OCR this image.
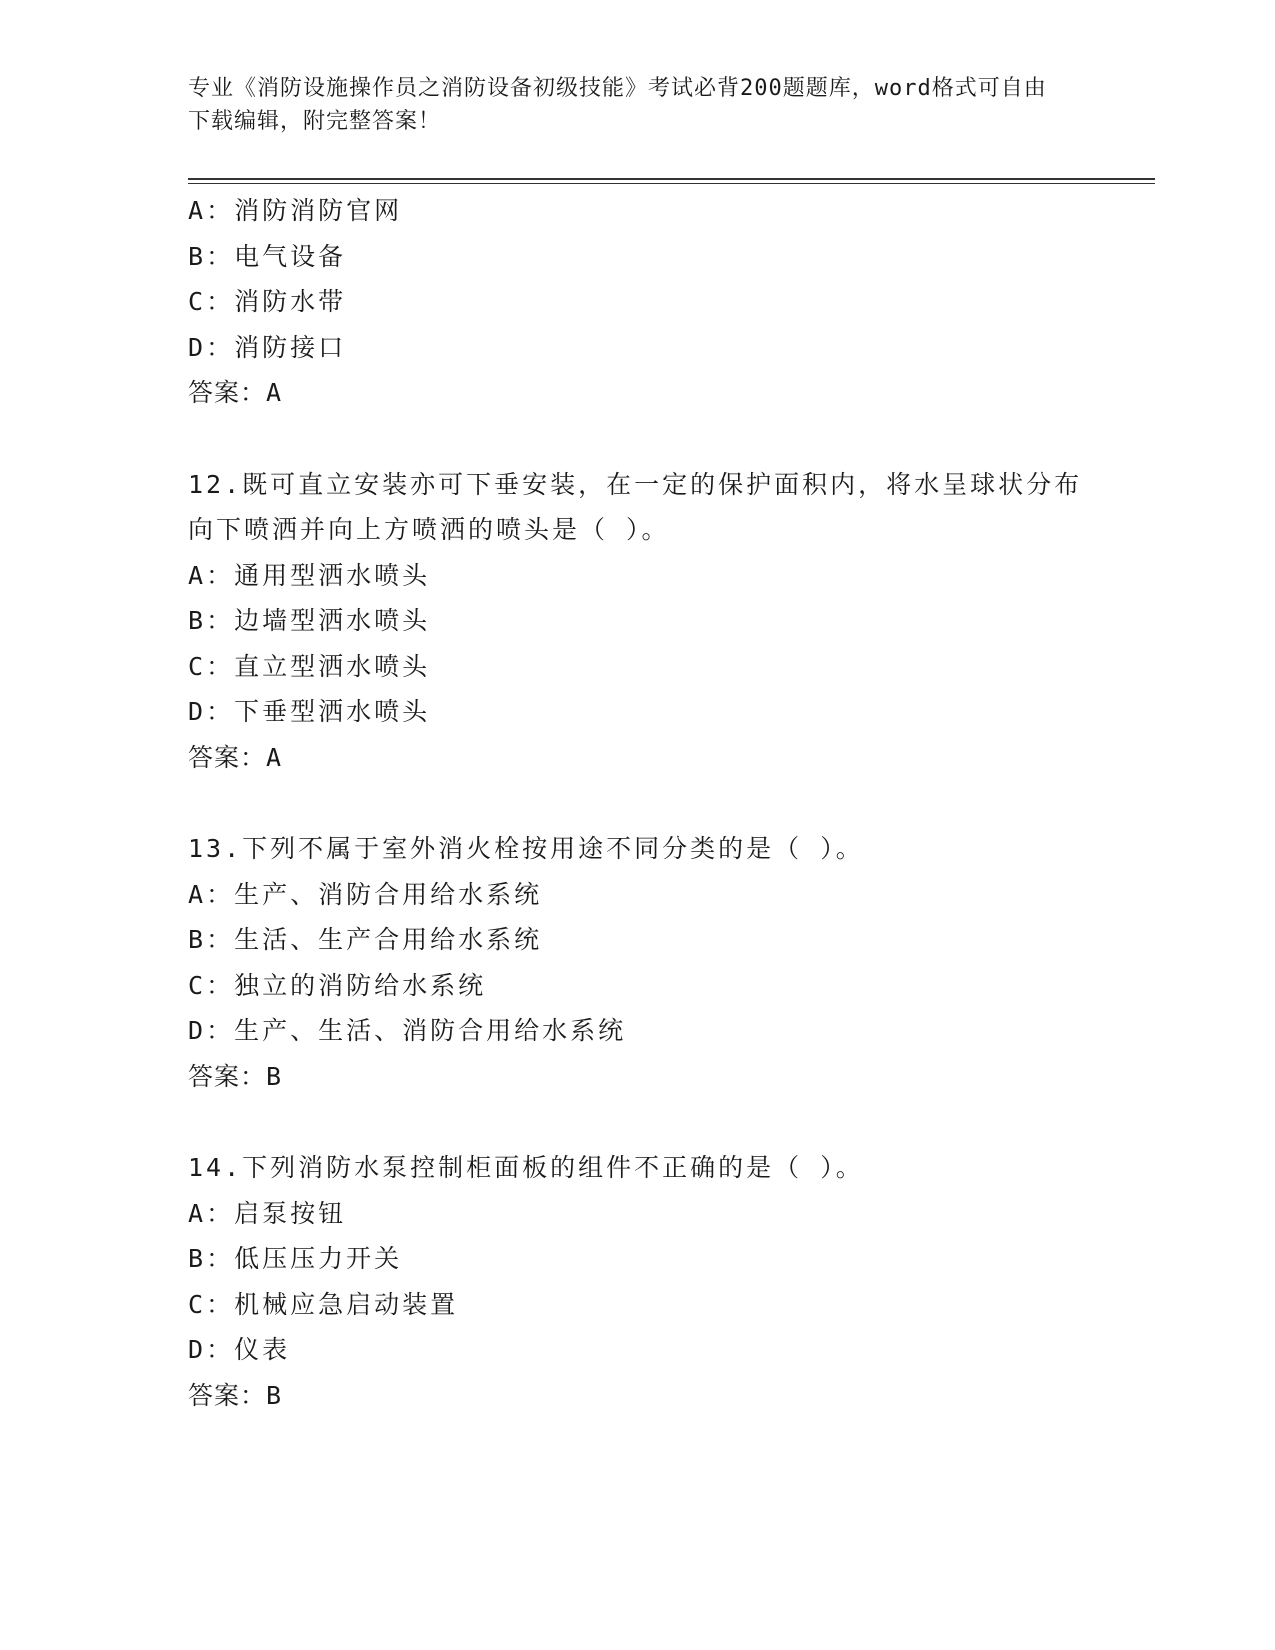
专业《消防设施操作员之消防设备初级技能》考试必背200题题库，word格式可自由下载编辑，附完整答案！

A：消防消防官网
B：电气设备
C：消防水带
D：消防接口
答案：A
12.既可直立安装亦可下垂安装，在一定的保护面积内，将水呈球状分布向下喷洒并向上方喷洒的喷头是（ ）。
A：通用型洒水喷头
B：边墙型洒水喷头
C：直立型洒水喷头
D：下垂型洒水喷头
答案：A
13.下列不属于室外消火栓按用途不同分类的是（ ）。
A：生产、消防合用给水系统
B：生活、生产合用给水系统
C：独立的消防给水系统
D：生产、生活、消防合用给水系统
答案：B
14.下列消防水泵控制柜面板的组件不正确的是（ ）。
A：启泵按钮
B：低压压力开关
C：机械应急启动装置
D：仪表
答案：B
